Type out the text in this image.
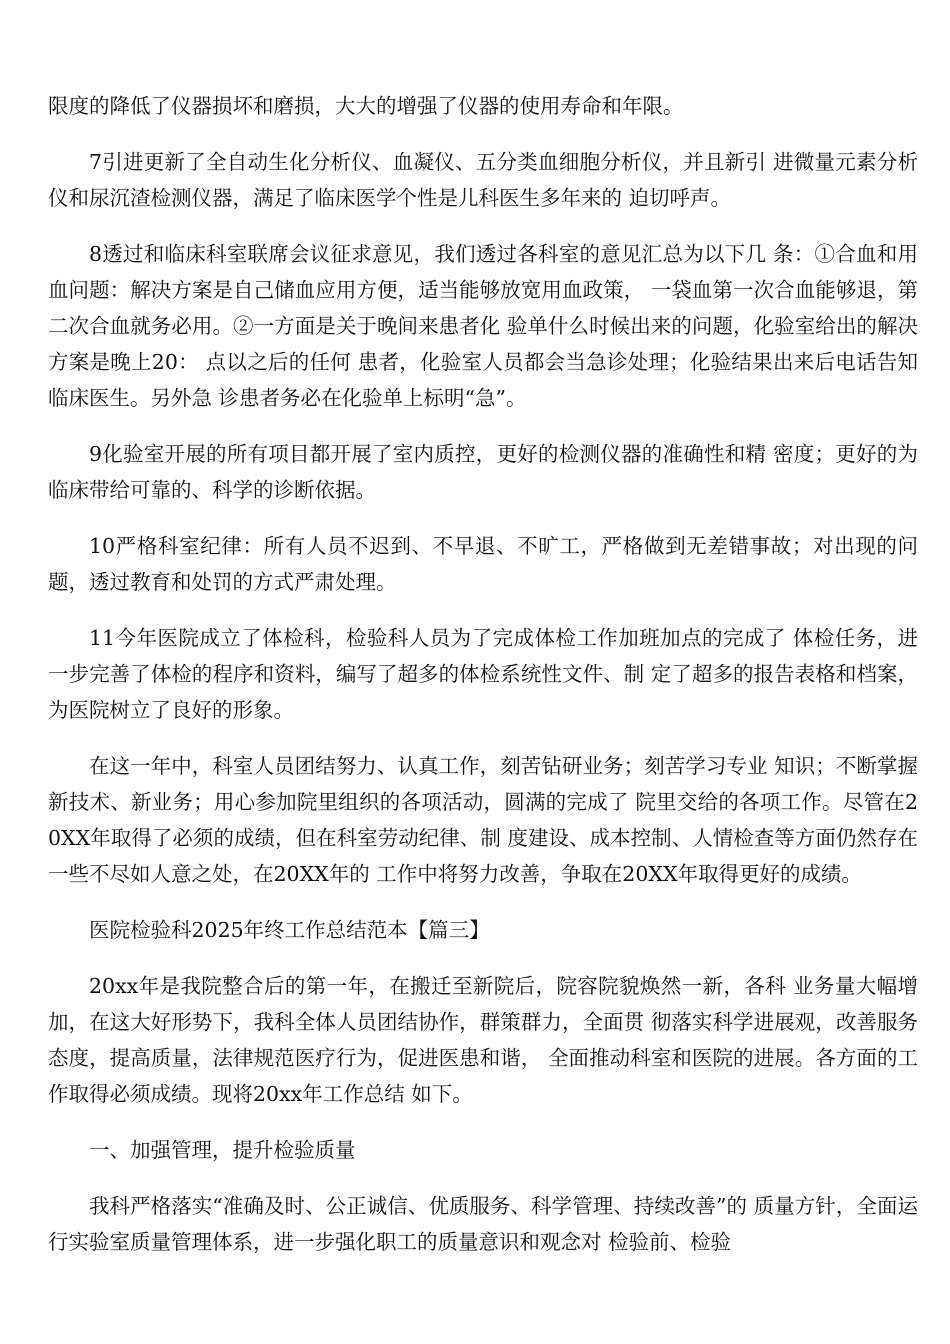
限度的降低了仪器损坏和磨损，大大的增强了仪器的使用寿命和年限。

7引进更新了全自动生化分析仪、血凝仪、五分类血细胞分析仪，并且新引 进微量元素分析仪和尿沉渣检测仪器，满足了临床医学个性是儿科医生多年来的 迫切呼声。

8透过和临床科室联席会议征求意见，我们透过各科室的意见汇总为以下几 条：①合血和用血问题：解决方案是自己储血应用方便，适当能够放宽用血政策， 一袋血第一次合血能够退，第二次合血就务必用。②一方面是关于晚间来患者化 验单什么时候出来的问题，化验室给出的解决方案是晚上20： 点以之后的任何 患者，化验室人员都会当急诊处理；化验结果出来后电话告知临床医生。另外急 诊患者务必在化验单上标明“急”。

9化验室开展的所有项目都开展了室内质控，更好的检测仪器的准确性和精 密度；更好的为临床带给可靠的、科学的诊断依据。

10严格科室纪律：所有人员不迟到、不早退、不旷工，严格做到无差错事故；对出现的问题，透过教育和处罚的方式严肃处理。

11今年医院成立了体检科，检验科人员为了完成体检工作加班加点的完成了 体检任务，进一步完善了体检的程序和资料，编写了超多的体检系统性文件、制 定了超多的报告表格和档案，为医院树立了良好的形象。

在这一年中，科室人员团结努力、认真工作，刻苦钻研业务；刻苦学习专业 知识；不断掌握新技术、新业务；用心参加院里组织的各项活动，圆满的完成了 院里交给的各项工作。尽管在20XX年取得了必须的成绩，但在科室劳动纪律、制 度建设、成本控制、人情检查等方面仍然存在一些不尽如人意之处，在20XX年的 工作中将努力改善，争取在20XX年取得更好的成绩。

医院检验科2025年终工作总结范本【篇三】

20xx年是我院整合后的第一年，在搬迁至新院后，院容院貌焕然一新，各科 业务量大幅增加，在这大好形势下，我科全体人员团结协作，群策群力，全面贯 彻落实科学进展观，改善服务态度，提高质量，法律规范医疗行为，促进医患和谐， 全面推动科室和医院的进展。各方面的工作取得必须成绩。现将20xx年工作总结 如下。

一、加强管理，提升检验质量

我科严格落实“准确及时、公正诚信、优质服务、科学管理、持续改善”的 质量方针，全面运行实验室质量管理体系，进一步强化职工的质量意识和观念对 检验前、检验
